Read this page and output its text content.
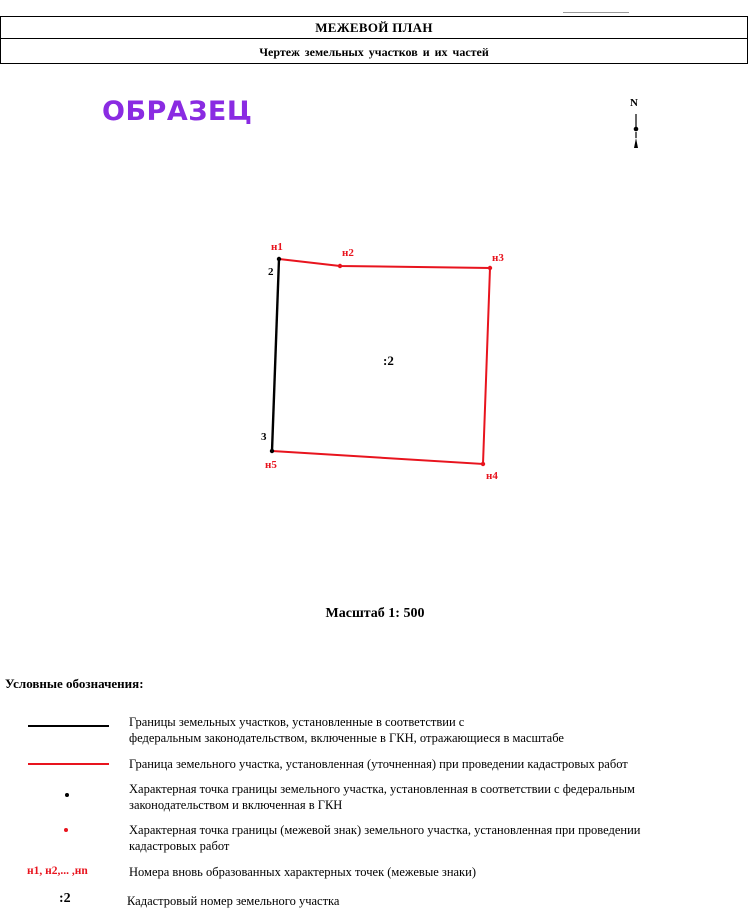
МЕЖЕВОЙ ПЛАН
Чертеж земельных участков и их частей
ОБРАЗЕЦ	N
н1	н2	н3
н4
н5
2
3
:2
Масштаб 1: 500
Условные обозначения:
Границы земельных участков, установленные в соответствии с
федеральным законодательством, включенные в ГКН, отражающиеся в масштабе
Граница земельного участка, установленная (уточненная) при проведении кадастровых работ
Характерная точка границы земельного участка, установленная в соответствии с федеральным
законодательством и включенная в ГКН
Характерная точка границы (межевой знак) земельного участка, установленная при проведении
кадастровых работ
н1, н2,... ,нn	Номера вновь образованных характерных точек (межевые знаки)
:2	Кадастровый номер земельного участка
